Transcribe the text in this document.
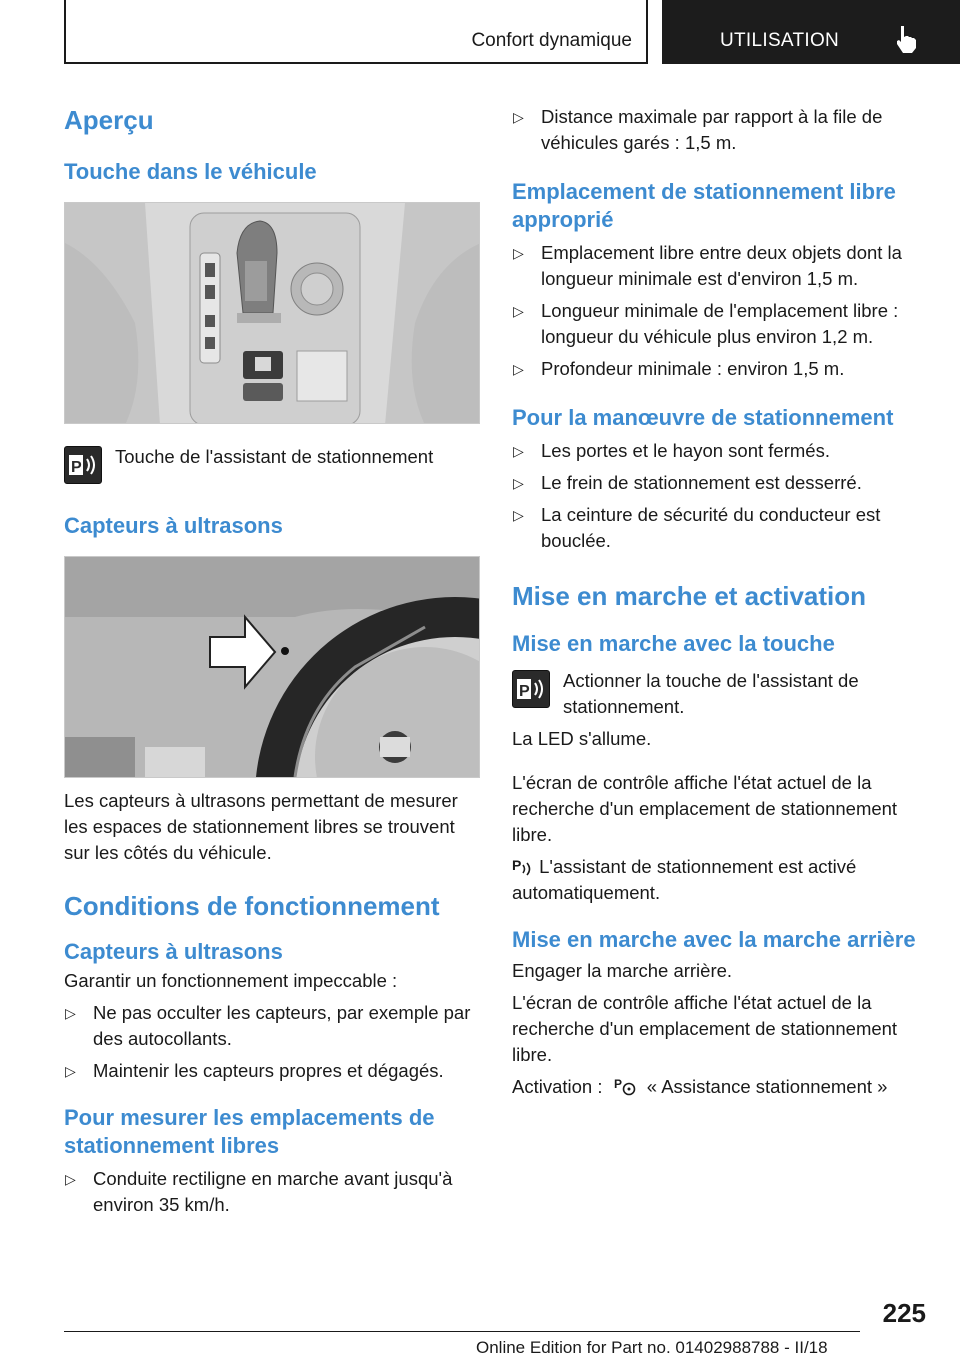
Confort dynamique	UTILISATION
Aperçu
Touche dans le véhicule
P
Touche de l'assistant de stationnement
Capteurs à ultrasons

Les capteurs à ultrasons permettant de mesurer les espaces de stationnement libres se trouvent sur les côtés du véhicule.

Conditions de fonctionnement
Capteurs à ultrasons

Garantir un fonctionnement impeccable :

▷ Ne pas occulter les capteurs, par exemple par des autocollants.
▷ Maintenir les capteurs propres et dégagés.
Pour mesurer les emplacements de stationnement libres
▷ Conduite rectiligne en marche avant jusqu'à environ 35 km/h.
▷ Distance maximale par rapport à la file de véhicules garés : 1,5 m.
Emplacement de stationnement libre approprié
▷ Emplacement libre entre deux objets dont la longueur minimale est d'environ 1,5 m.
▷ Longueur minimale de l'emplacement libre : longueur du véhicule plus environ 1,2 m.
▷ Profondeur minimale : environ 1,5 m.
Pour la manœuvre de stationnement
▷ Les portes et le hayon sont fermés.
▷ Le frein de stationnement est desserré.
▷ La ceinture de sécurité du conducteur est bouclée.
Mise en marche et activation
Mise en marche avec la touche
P
Actionner la touche de l'assistant de stationnement.

La LED s'allume.

L'écran de contrôle affiche l'état actuel de la recherche d'un emplacement de stationnement libre.

P L'assistant de stationnement est activé automatiquement.

Mise en marche avec la marche arrière

Engager la marche arrière.

L'écran de contrôle affiche l'état actuel de la recherche d'un emplacement de stationnement libre.

Activation : P « Assistance stationnement »

225
Online Edition for Part no. 01402988788 - II/18
